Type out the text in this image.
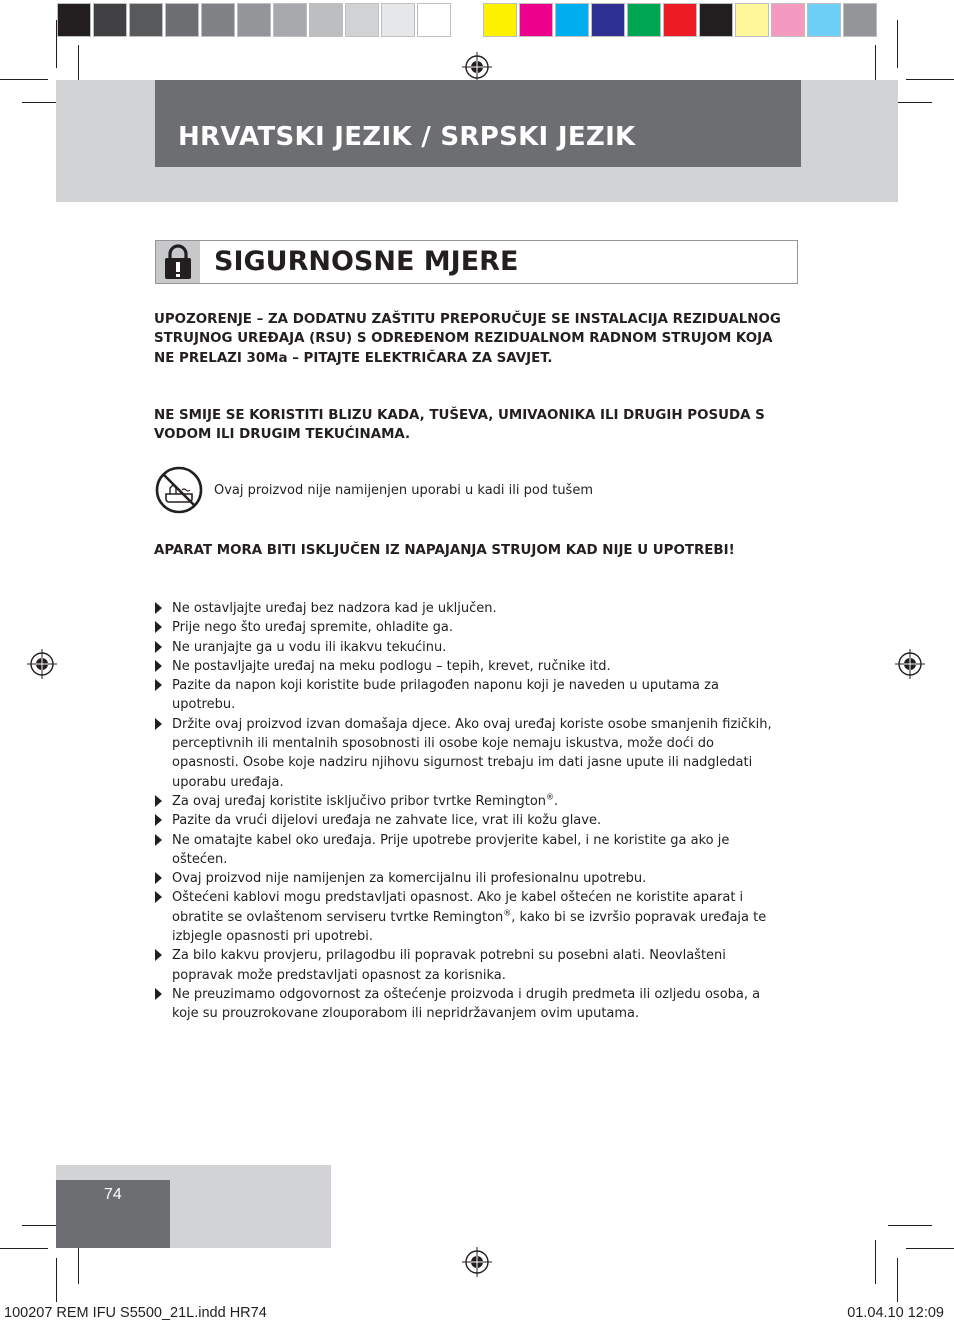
HRVATSKI JEZIK / SRPSKI JEZIK
SIGURNOSNE MJERE

UPOZORENJE – ZA DODATNU ZAŠTITU PREPORUČUJE SE INSTALACIJA REZIDUALNOG STRUJNOG UREĐAJA (RSU) S ODREĐENOM REZIDUALNOM RADNOM STRUJOM KOJA NE PRELAZI 30Ma – PITAJTE ELEKTRIČARA ZA SAVJET.

NE SMIJE SE KORISTITI BLIZU KADA, TUŠEVA, UMIVAONIKA ILI DRUGIH POSUDA S VODOM ILI DRUGIM TEKUĆINAMA.

Ovaj proizvod nije namijenjen uporabi u kadi ili pod tušem

APARAT MORA BITI ISKLJUČEN IZ NAPAJANJA STRUJOM KAD NIJE U UPOTREBI!

Ne ostavljajte uređaj bez nadzora kad je uključen.
Prije nego što uređaj spremite, ohladite ga.
Ne uranjajte ga u vodu ili ikakvu tekućinu.
Ne postavljajte uređaj na meku podlogu – tepih, krevet, ručnike itd.
Pazite da napon koji koristite bude prilagođen naponu koji je naveden u uputama za upotrebu.
Držite ovaj proizvod izvan domašaja djece. Ako ovaj uređaj koriste osobe smanjenih fizičkih, perceptivnih ili mentalnih sposobnosti ili osobe koje nemaju iskustva, može doći do opasnosti. Osobe koje nadziru njihovu sigurnost trebaju im dati jasne upute ili nadgledati uporabu uređaja.
Za ovaj uređaj koristite isključivo pribor tvrtke Remington®.
Pazite da vrući dijelovi uređaja ne zahvate lice, vrat ili kožu glave.
Ne omatajte kabel oko uređaja. Prije upotrebe provjerite kabel, i ne koristite ga ako je oštećen.
Ovaj proizvod nije namijenjen za komercijalnu ili profesionalnu upotrebu.
Oštećeni kablovi mogu predstavljati opasnost. Ako je kabel oštećen ne koristite aparat i obratite se ovlaštenom serviseru tvrtke Remington®, kako bi se izvršio popravak uređaja te izbjegle opasnosti pri upotrebi.
Za bilo kakvu provjeru, prilagodbu ili popravak potrebni su posebni alati. Neovlašteni popravak može predstavljati opasnost za korisnika.
Ne preuzimamo odgovornost za oštećenje proizvoda i drugih predmeta ili ozljedu osoba, a koje su prouzrokovane zlouporabom ili nepridržavanjem ovim uputama.
74
100207 REM IFU S5500_21L.indd HR74	01.04.10 12:09
